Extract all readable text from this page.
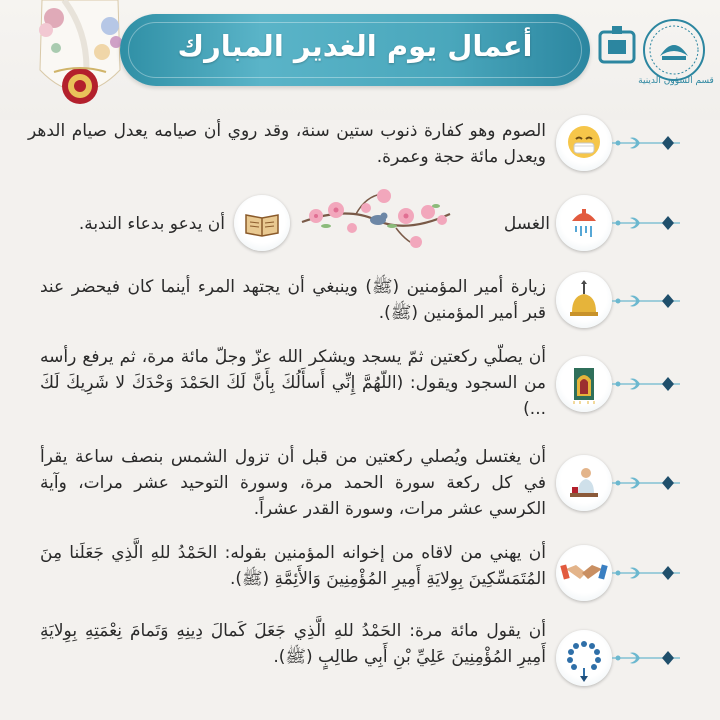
أعمال يوم الغدير المبارك
قسم الشؤون الدينية
الصوم وهو كفارة ذنوب ستين سنة، وقد روي أن صيامه يعدل صيام الدهر ويعدل مائة حجة وعمرة.
الغسل
أن يدعو بدعاء الندبة.
زيارة أمير المؤمنين (ﷺ) وينبغي أن يجتهد المرء أينما كان فيحضر عند قبر أمير المؤمنين (ﷺ).
أن يصلّي ركعتين ثمّ يسجد ويشكر الله عزّ وجلّ مائة مرة، ثم يرفع رأسه من السجود ويقول: (اللّهُمَّ إِنِّي أَسأَلُكَ بِأَنَّ لَكَ الحَمْدَ وَحْدَكَ لا شَرِيكَ لَكَ ...)
أن يغتسل ويُصلي ركعتين من قبل أن تزول الشمس بنصف ساعة يقرأ في كل ركعة سورة الحمد مرة، وسورة التوحيد عشر مرات، وآية الكرسي عشر مرات، وسورة القدر عشراً.
أن يهني من لاقاه من إخوانه المؤمنين بقوله: الحَمْدُ للهِ الَّذِي جَعَلَنا مِنَ المُتَمَسِّكِينَ بِوِلايَةِ أَمِيرِ المُؤْمِنِينَ وَالأَئِمَّةِ (ﷺ).
أن يقول مائة مرة: الحَمْدُ للهِ الَّذِي جَعَلَ كَمالَ دِينِهِ وَتَمامَ نِعْمَتِهِ بِوِلايَةِ أَمِيرِ المُؤْمِنِينَ عَلِيِّ بْنِ أَبِي طالِبٍ (ﷺ).
